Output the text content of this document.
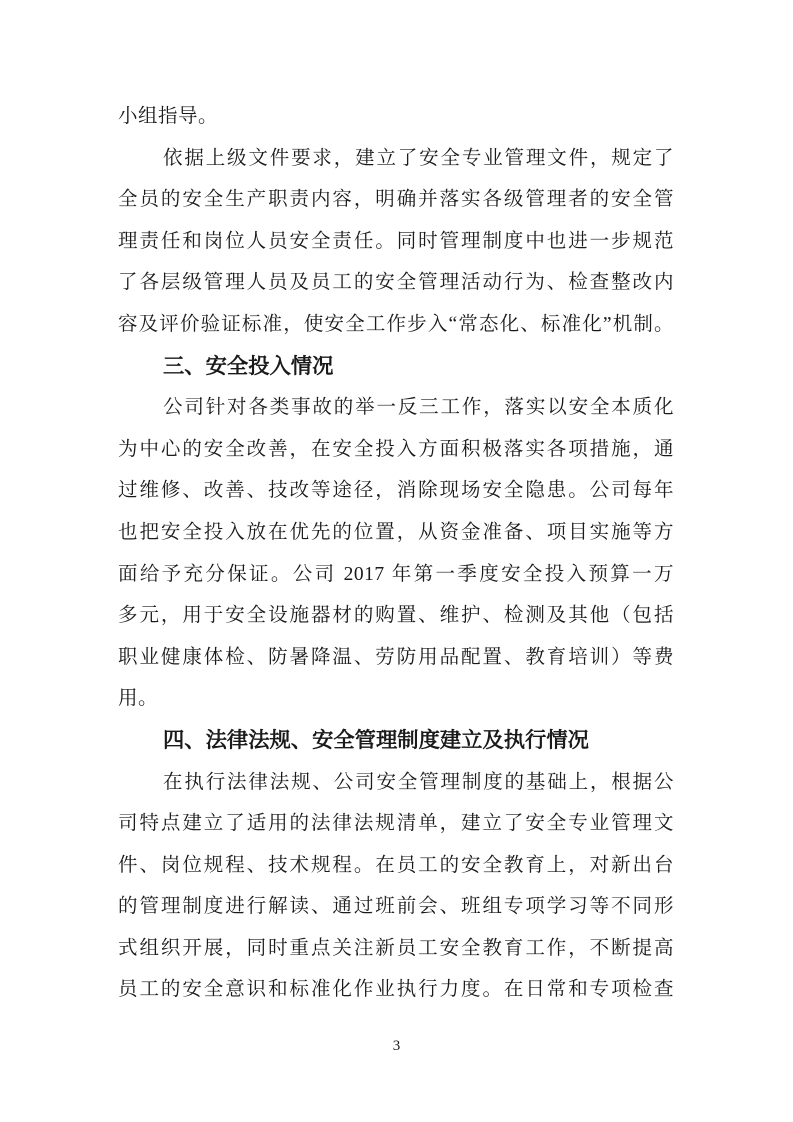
小组指导。
依据上级文件要求，建立了安全专业管理文件，规定了
全员的安全生产职责内容，明确并落实各级管理者的安全管
理责任和岗位人员安全责任。同时管理制度中也进一步规范
了各层级管理人员及员工的安全管理活动行为、检查整改内
容及评价验证标准，使安全工作步入“常态化、标准化”机制。
三、安全投入情况
公司针对各类事故的举一反三工作，落实以安全本质化
为中心的安全改善，在安全投入方面积极落实各项措施，通
过维修、改善、技改等途径，消除现场安全隐患。公司每年
也把安全投入放在优先的位置，从资金准备、项目实施等方
面给予充分保证。公司 2017 年第一季度安全投入预算一万
多元，用于安全设施器材的购置、维护、检测及其他（包括
职业健康体检、防暑降温、劳防用品配置、教育培训）等费
用。
四、法律法规、安全管理制度建立及执行情况
在执行法律法规、公司安全管理制度的基础上，根据公
司特点建立了适用的法律法规清单，建立了安全专业管理文
件、岗位规程、技术规程。在员工的安全教育上，对新出台
的管理制度进行解读、通过班前会、班组专项学习等不同形
式组织开展，同时重点关注新员工安全教育工作，不断提高
员工的安全意识和标准化作业执行力度。在日常和专项检查
3
